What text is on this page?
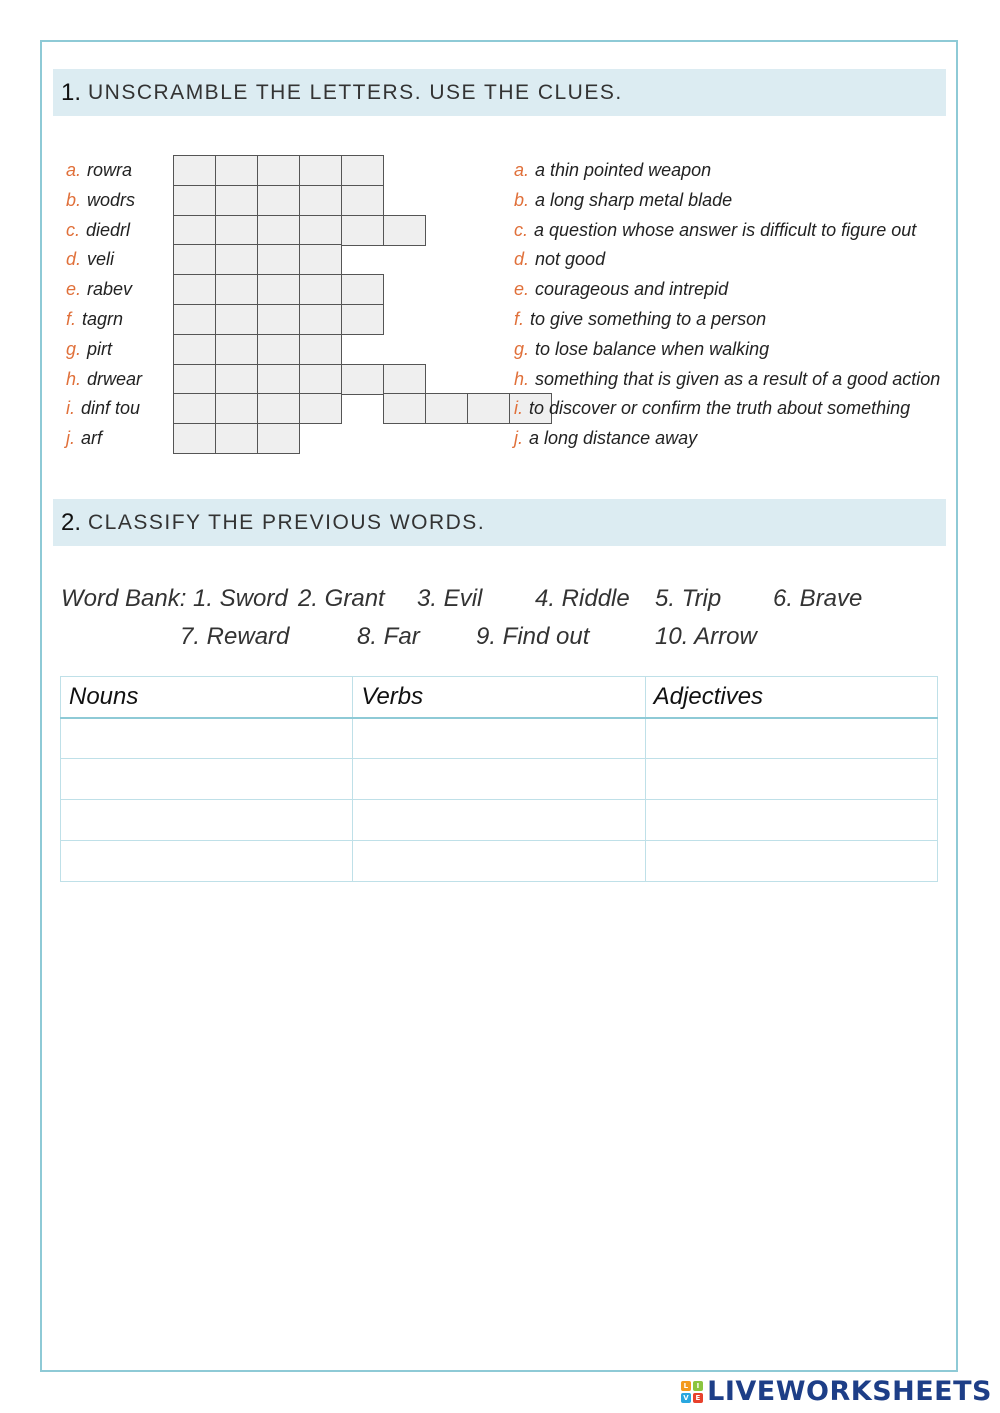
1. UNSCRAMBLE THE LETTERS. USE THE CLUES.
a. rowra	a. a thin pointed weapon
b. wodrs	b. a long sharp metal blade
c. diedrl	c. a question whose answer is difficult to figure out
d. veli	d. not good
e. rabev	e. courageous and intrepid
f. tagrn	f. to give something to a person
g. pirt	g. to lose balance when walking
h. drwear	h. something that is given as a result of a good action
i. dinf tou	i. to discover or confirm the truth about something
j. arf	j. a long distance away
2. CLASSIFY THE PREVIOUS WORDS.
Word Bank: 1. Sword 2. Grant 3. Evil 4. Riddle 5. Trip 6. Brave
7. Reward	8. Far 9. Find out	10. Arrow
Nouns	Verbs	Adjectives

L	I
V E LIVEWORKSHEETS
